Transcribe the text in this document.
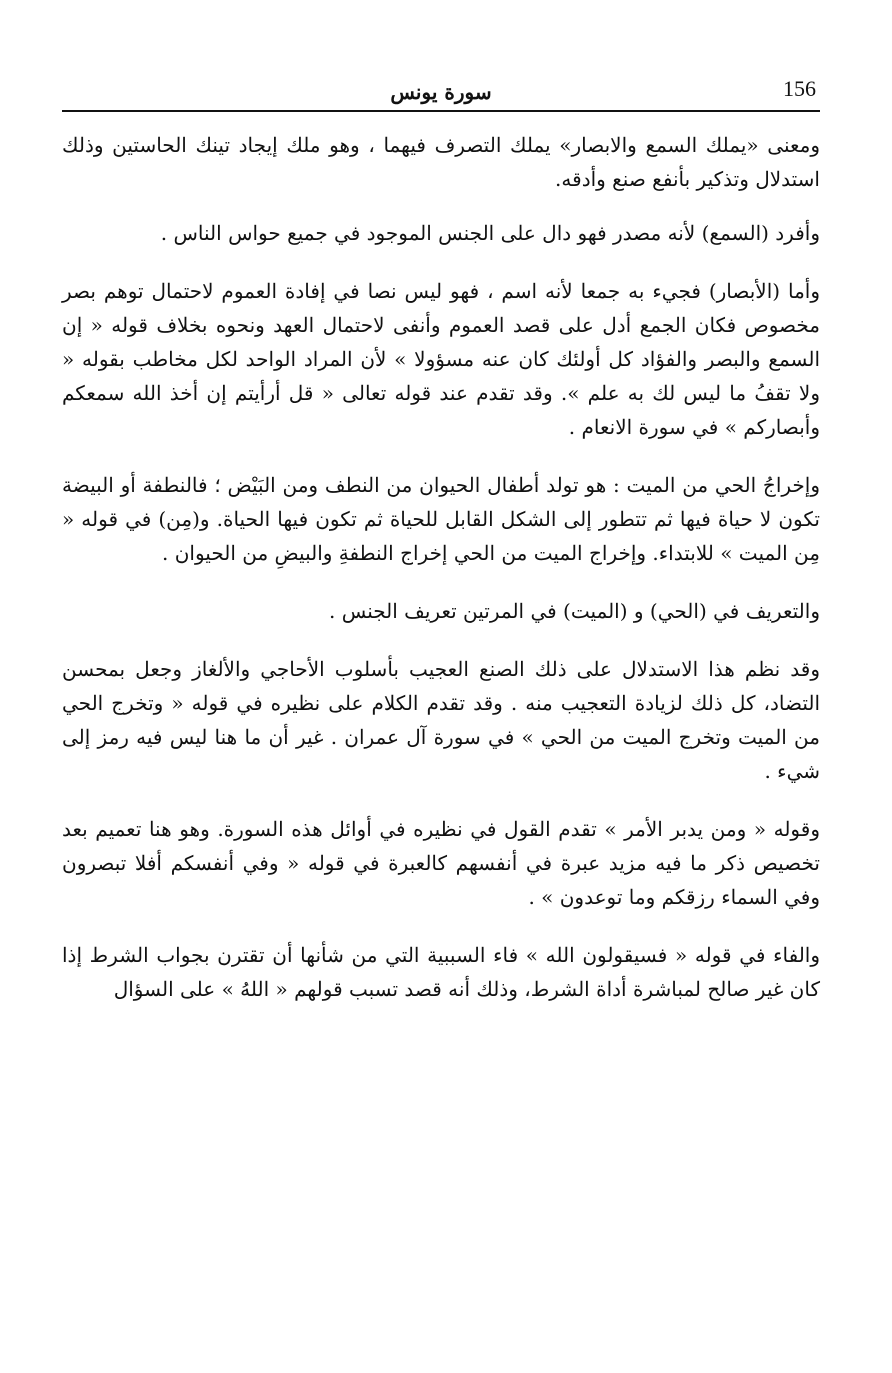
156
سورة يونس

ومعنى «يملك السمع والابصار» يملك التصرف فيهما ، وهو ملك إيجاد تينك الحاستين وذلك استدلال وتذكير بأنفع صنع وأدقه.

وأفرد (السمع) لأنه مصدر فهو دال على الجنس الموجود في جميع حواس الناس .

وأما (الأبصار) فجيء به جمعا لأنه اسم ، فهو ليس نصا في إفادة العموم لاحتمال توهم بصر مخصوص فكان الجمع أدل على قصد العموم وأنفى لاحتمال العهد ونحوه بخلاف قوله « إن السمع والبصر والفؤاد كل أولئك كان عنه مسؤولا » لأن المراد الواحد لكل مخاطب بقوله « ولا تقفُ ما ليس لك به علم ». وقد تقدم عند قوله تعالى « قل أرأيتم إن أخذ الله سمعكم وأبصاركم » في سورة الانعام .

وإخراجُ الحي من الميت : هو تولد أطفال الحيوان من النطف ومن البَيْض ؛ فالنطفة أو البيضة تكون لا حياة فيها ثم تتطور إلى الشكل القابل للحياة ثم تكون فيها الحياة. و(مِن) في قوله « مِن الميت » للابتداء. وإخراج الميت من الحي إخراج النطفةِ والبيضِ من الحيوان .

والتعريف في (الحي) و (الميت) في المرتين تعريف الجنس .

وقد نظم هذا الاستدلال على ذلك الصنع العجيب بأسلوب الأحاجي والألغاز وجعل بمحسن التضاد، كل ذلك لزيادة التعجيب منه . وقد تقدم الكلام على نظيره في قوله « وتخرج الحي من الميت وتخرج الميت من الحي » في سورة آل عمران . غير أن ما هنا ليس فيه رمز إلى شيء .

وقوله « ومن يدبر الأمر » تقدم القول في نظيره في أوائل هذه السورة. وهو هنا تعميم بعد تخصيص ذكر ما فيه مزيد عبرة في أنفسهم كالعبرة في قوله « وفي أنفسكم أفلا تبصرون وفي السماء رزقكم وما توعدون » .

والفاء في قوله « فسيقولون الله » فاء السببية التي من شأنها أن تقترن بجواب الشرط إذا كان غير صالح لمباشرة أداة الشرط، وذلك أنه قصد تسبب قولهم « اللهُ » على السؤال
